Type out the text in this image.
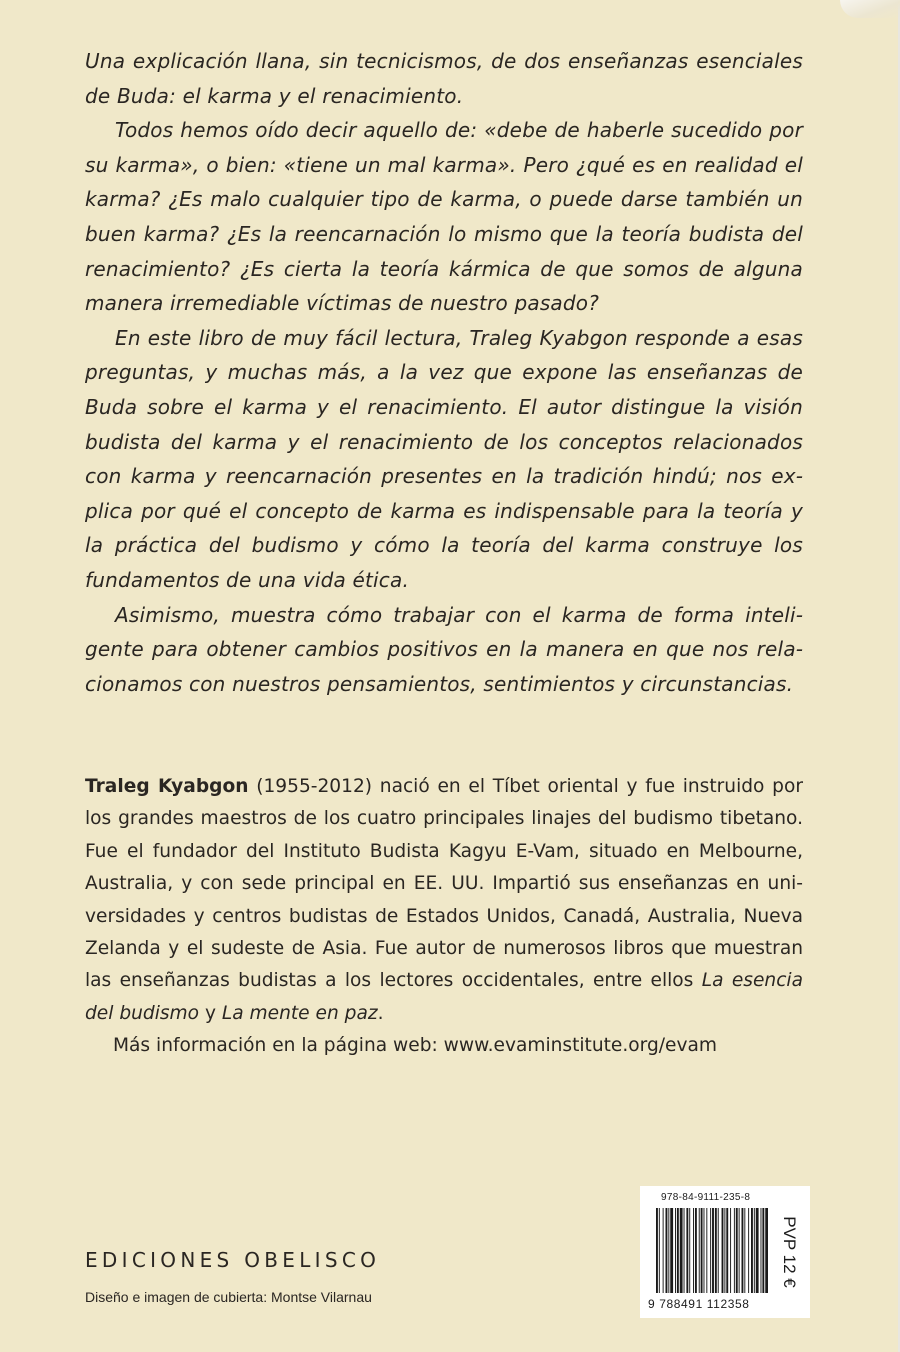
Una explicación llana, sin tecnicismos, de dos enseñanzas esenciales de Buda: el karma y el renacimiento.

Todos hemos oído decir aquello de: «debe de haberle sucedido por su karma», o bien: «tiene un mal karma». Pero ¿qué es en realidad el karma? ¿Es malo cualquier tipo de karma, o puede darse también un buen karma? ¿Es la reencarnación lo mismo que la teoría budista del renacimiento? ¿Es cierta la teoría kármica de que somos de alguna manera irremediable víctimas de nuestro pasado?

En este libro de muy fácil lectura, Traleg Kyabgon responde a esas preguntas, y muchas más, a la vez que expone las enseñanzas de Buda sobre el karma y el renacimiento. El autor distingue la visión budista del karma y el renacimiento de los conceptos relacionados con karma y reencarnación presentes en la tradición hindú; nos explica por qué el concepto de karma es indispensable para la teoría y la práctica del budismo y cómo la teoría del karma construye los fundamentos de una vida ética.

Asimismo, muestra cómo trabajar con el karma de forma inteligente para obtener cambios positivos en la manera en que nos relacionamos con nuestros pensamientos, sentimientos y circunstancias.

Traleg Kyabgon (1955-2012) nació en el Tíbet oriental y fue instruido por los grandes maestros de los cuatro principales linajes del budismo tibetano. Fue el fundador del Instituto Budista Kagyu E-Vam, situado en Melbourne, Australia, y con sede principal en EE. UU. Impartió sus enseñanzas en universidades y centros budistas de Estados Unidos, Canadá, Australia, Nueva Zelanda y el sudeste de Asia. Fue autor de numerosos libros que muestran las enseñanzas budistas a los lectores occidentales, entre ellos La esencia del budismo y La mente en paz.

Más información en la página web: www.evaminstitute.org/evam

EDICIONES OBELISCO
Diseño e imagen de cubierta: Montse Vilarnau
978-84-9111-235-8
9 788491 112358
PVP 12 €
